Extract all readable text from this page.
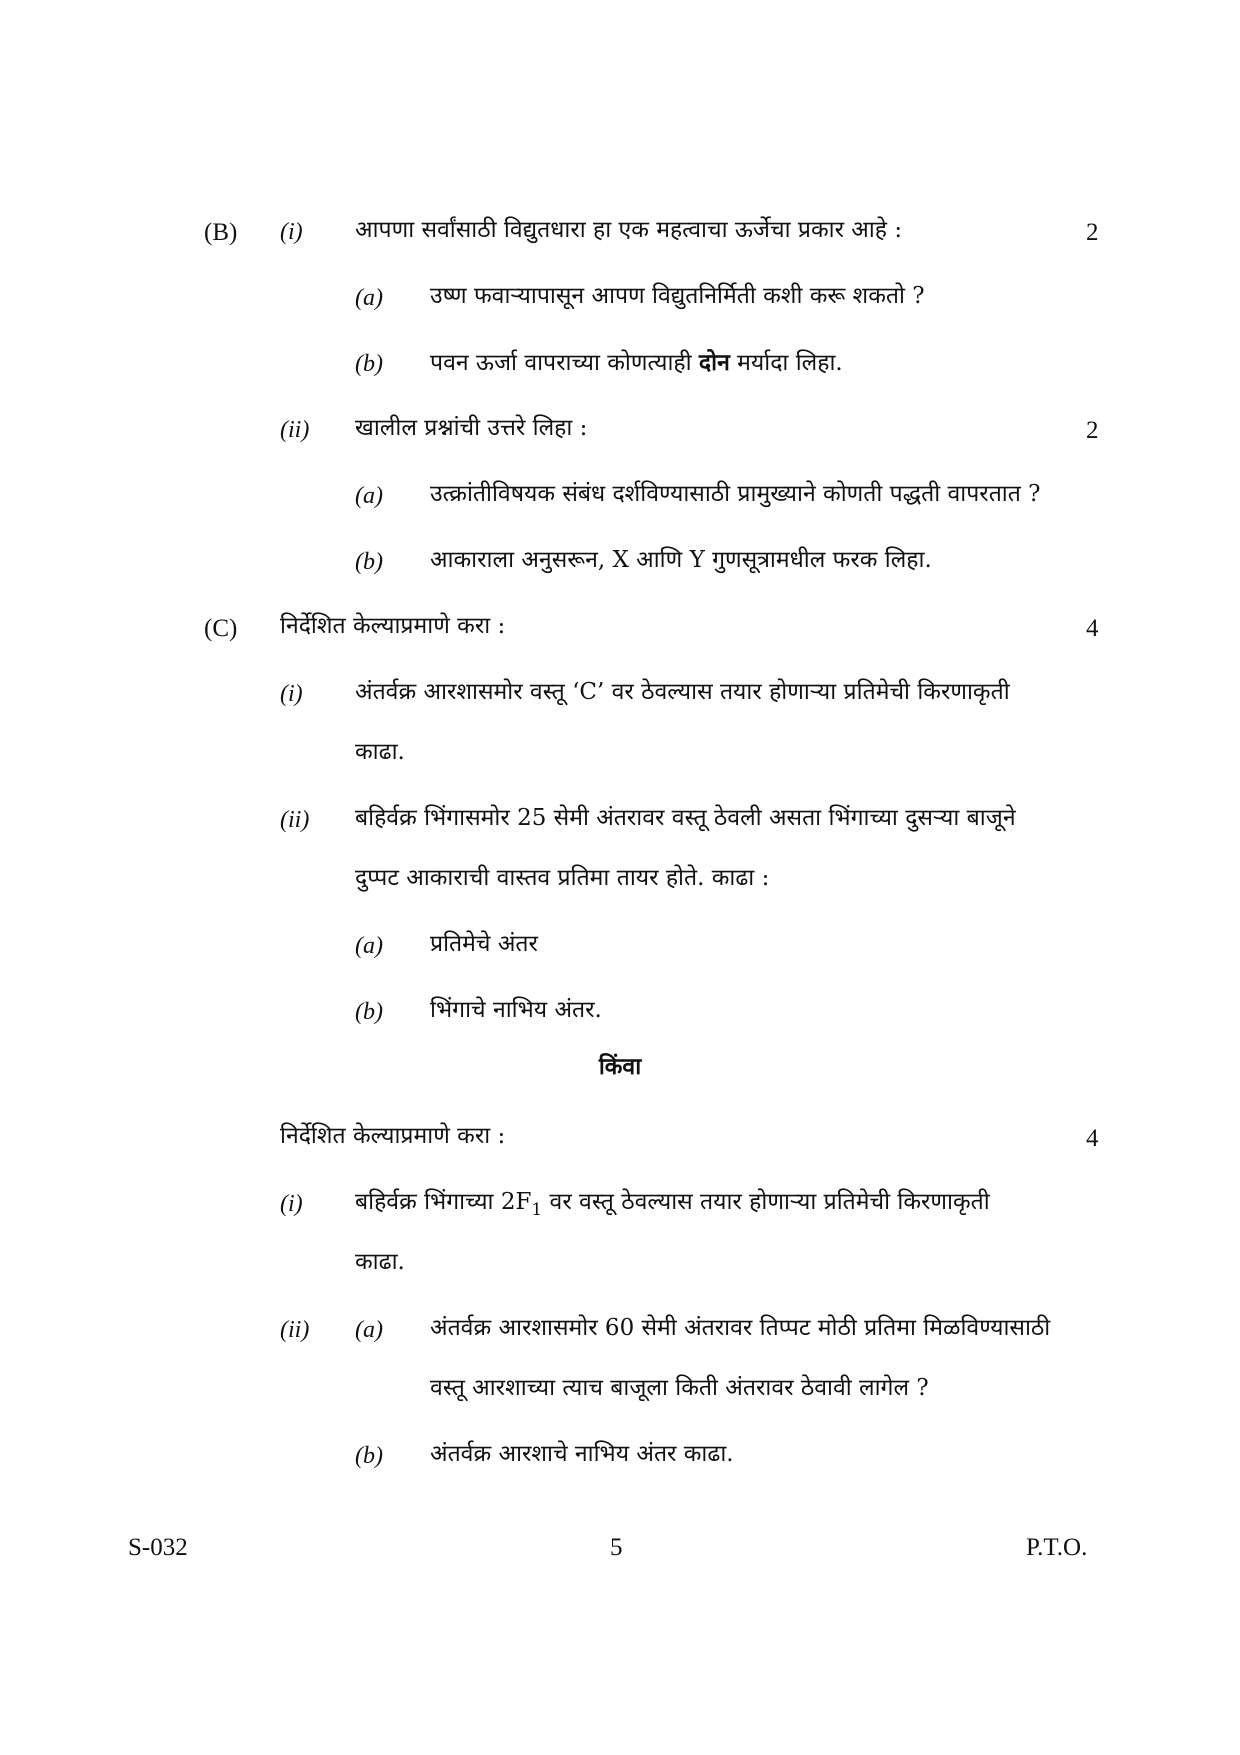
(B) (i) आपणा सर्वांसाठी विद्युतधारा हा एक महत्वाचा ऊर्जेचा प्रकार आहे :	2
(a) उष्ण फवाऱ्यापासून आपण विद्युतनिर्मिती कशी करू शकतो ?
(b) पवन ऊर्जा वापराच्या कोणत्याही दोन मर्यादा लिहा.
(ii) खालील प्रश्नांची उत्तरे लिहा :	2
(a) उत्क्रांतीविषयक संबंध दर्शविण्यासाठी प्रामुख्याने कोणती पद्धती वापरतात ?
(b) आकाराला अनुसरून, X आणि Y गुणसूत्रामधील फरक लिहा.
(C) निर्देशित केल्याप्रमाणे करा :	4
(i) अंतर्वक्र आरशासमोर वस्तू ‘C’ वर ठेवल्यास तयार होणाऱ्या प्रतिमेची किरणाकृती
काढा.
(ii) बहिर्वक्र भिंगासमोर 25 सेमी अंतरावर वस्तू ठेवली असता भिंगाच्या दुसऱ्या बाजूने
दुप्पट आकाराची वास्तव प्रतिमा तायर होते. काढा :
(a) प्रतिमेचे अंतर
(b) भिंगाचे नाभिय अंतर.
किंवा
निर्देशित केल्याप्रमाणे करा :	4
(i) बहिर्वक्र भिंगाच्या $2F_1$ वर वस्तू ठेवल्यास तयार होणाऱ्या प्रतिमेची किरणाकृती
काढा.
(ii) (a) अंतर्वक्र आरशासमोर 60 सेमी अंतरावर तिप्पट मोठी प्रतिमा मिळविण्यासाठी
वस्तू आरशाच्या त्याच बाजूला किती अंतरावर ठेवावी लागेल ?
(b) अंतर्वक्र आरशाचे नाभिय अंतर काढा.
S-032	5	P.T.O.
